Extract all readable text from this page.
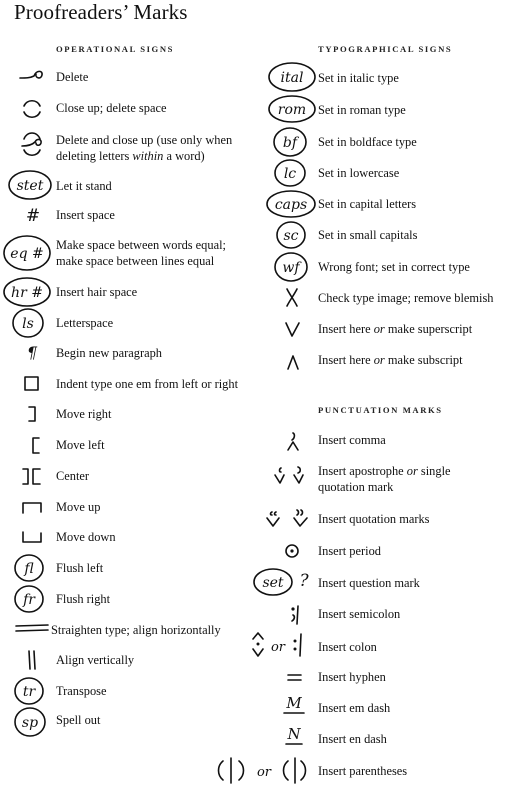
Proofreaders’ Marks
OPERATIONAL SIGNS	TYPOGRAPHICAL SIGNS
PUNCTUATION MARKS
Delete
Close up; delete space
Delete and close up (use only when
deleting letters within a word)
stet Let it stand
# Insert space
eq #
Make space between words equal;
make space between lines equal
hr # Insert hair space
ls Letterspace
¶ Begin new paragraph
Indent type one em from left or right
Move right
Move left
Center
Move up
Move down
fl Flush left
fr Flush right
Straighten type; align horizontally
Align vertically
tr Transpose
sp Spell out
ital Set in italic type
rom Set in roman type
bf Set in boldface type
lc Set in lowercase
caps Set in capital letters
sc Set in small capitals
wf Wrong font; set in correct type
Check type image; remove blemish
Insert here or make superscript
Insert here or make subscript
Insert comma
Insert apostrophe or single
quotation mark
Insert quotation marks
Insert period
set ? Insert question mark
Insert semicolon
or	Insert colon
Insert hyphen
M Insert em dash
N Insert en dash
or	Insert parentheses
